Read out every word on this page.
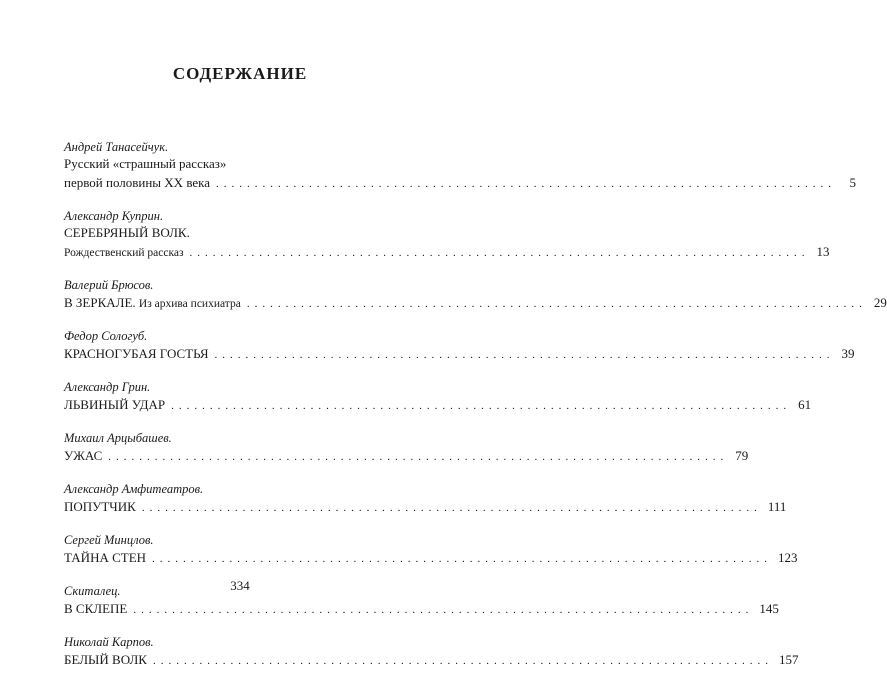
СОДЕРЖАНИЕ
Андрей Танасейчук.
Русский «страшный рассказ»
первой половины XX века ................................................................................	5
Александр Куприн.
СЕРЕБРЯНЫЙ ВОЛК.
Рождественский рассказ ................................................................................ 13
Валерий Брюсов.
В ЗЕРКАЛЕ. Из архива психиатра ................................................................................ 29
Федор Сологуб.
КРАСНОГУБАЯ ГОСТЬЯ ................................................................................ 39
Александр Грин.
ЛЬВИНЫЙ УДАР ................................................................................ 61
Михаил Арцыбашев.
УЖАС ................................................................................ 79
Александр Амфитеатров.
ПОПУТЧИК ................................................................................ 111
Сергей Минцлов.
ТАЙНА СТЕН ................................................................................ 123
Скиталец.
В СКЛЕПЕ ................................................................................ 145
Николай Карпов.
БЕЛЫЙ ВОЛК ................................................................................ 157
334
